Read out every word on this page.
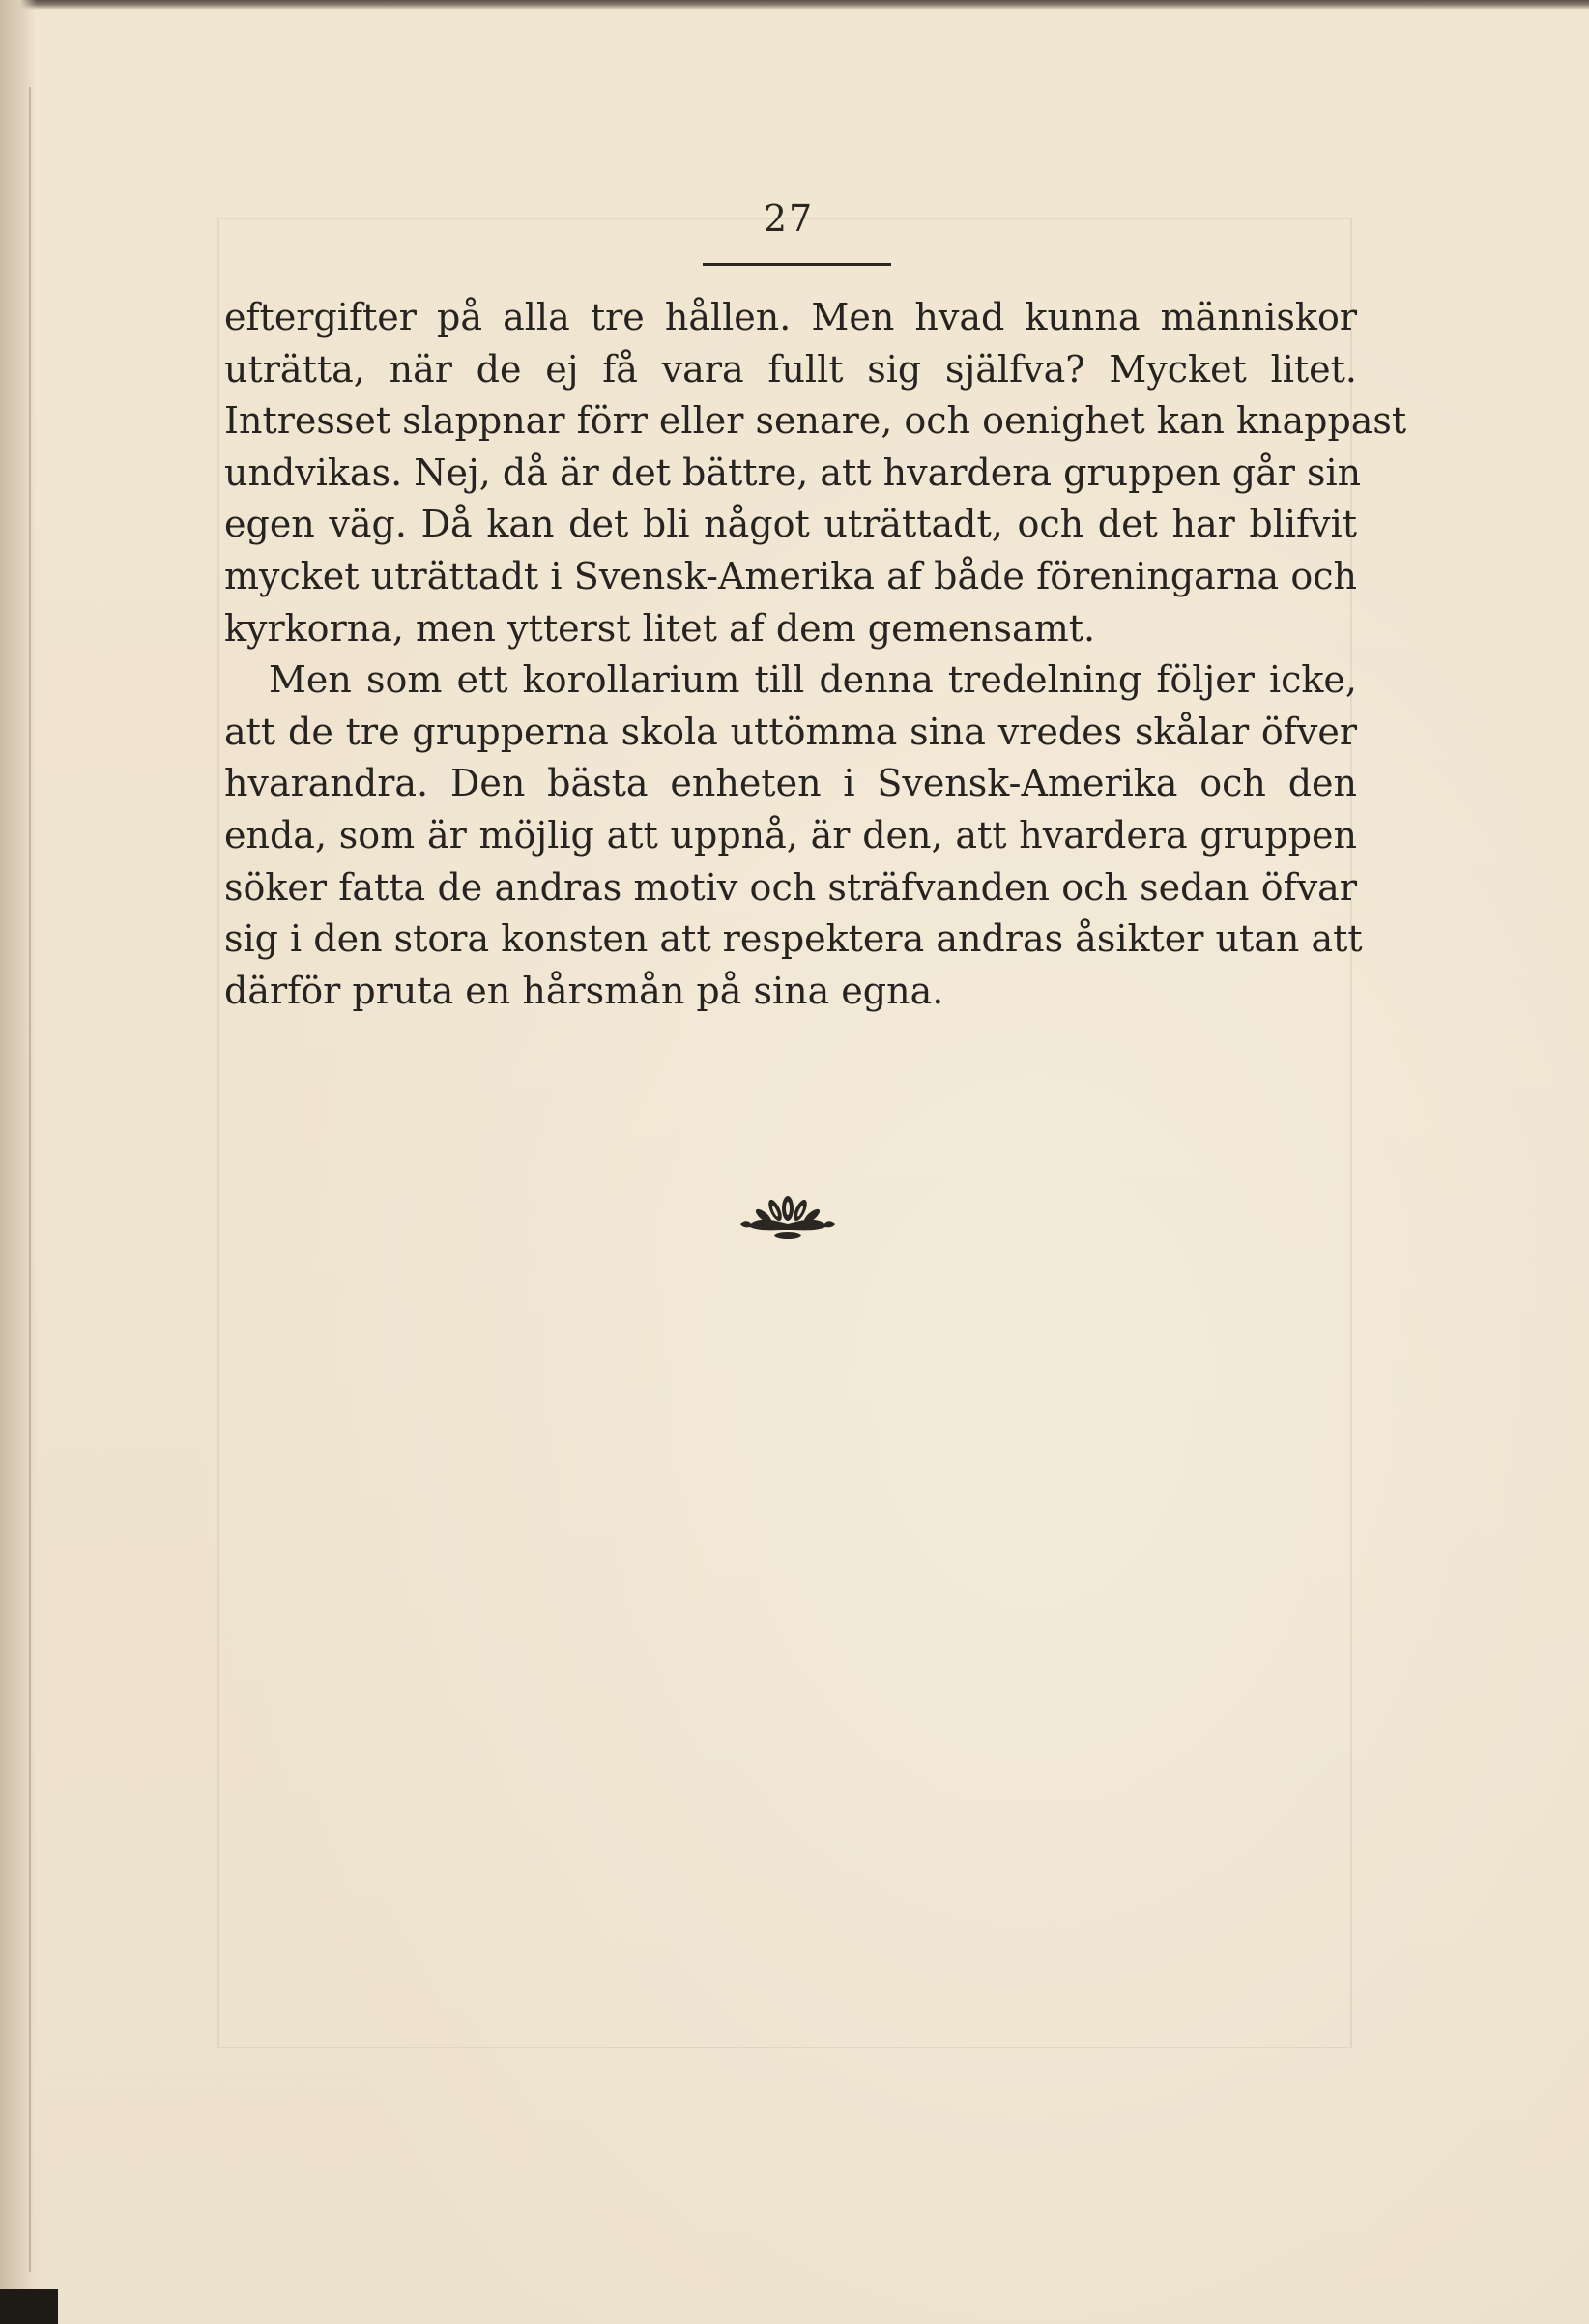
27
eftergifter på alla tre hållen. Men hvad kunna människor
uträtta, när de ej få vara fullt sig själfva? Mycket litet.
Intresset slappnar förr eller senare, och oenighet kan knappast
undvikas. Nej, då är det bättre, att hvardera gruppen går sin
egen väg. Då kan det bli något uträttadt, och det har blifvit
mycket uträttadt i Svensk-Amerika af både föreningarna och
kyrkorna, men ytterst litet af dem gemensamt.
Men som ett korollarium till denna tredelning följer icke,
att de tre grupperna skola uttömma sina vredes skålar öfver
hvarandra. Den bästa enheten i Svensk-Amerika och den
enda, som är möjlig att uppnå, är den, att hvardera gruppen
söker fatta de andras motiv och sträfvanden och sedan öfvar
sig i den stora konsten att respektera andras åsikter utan att
därför pruta en hårsmån på sina egna.
